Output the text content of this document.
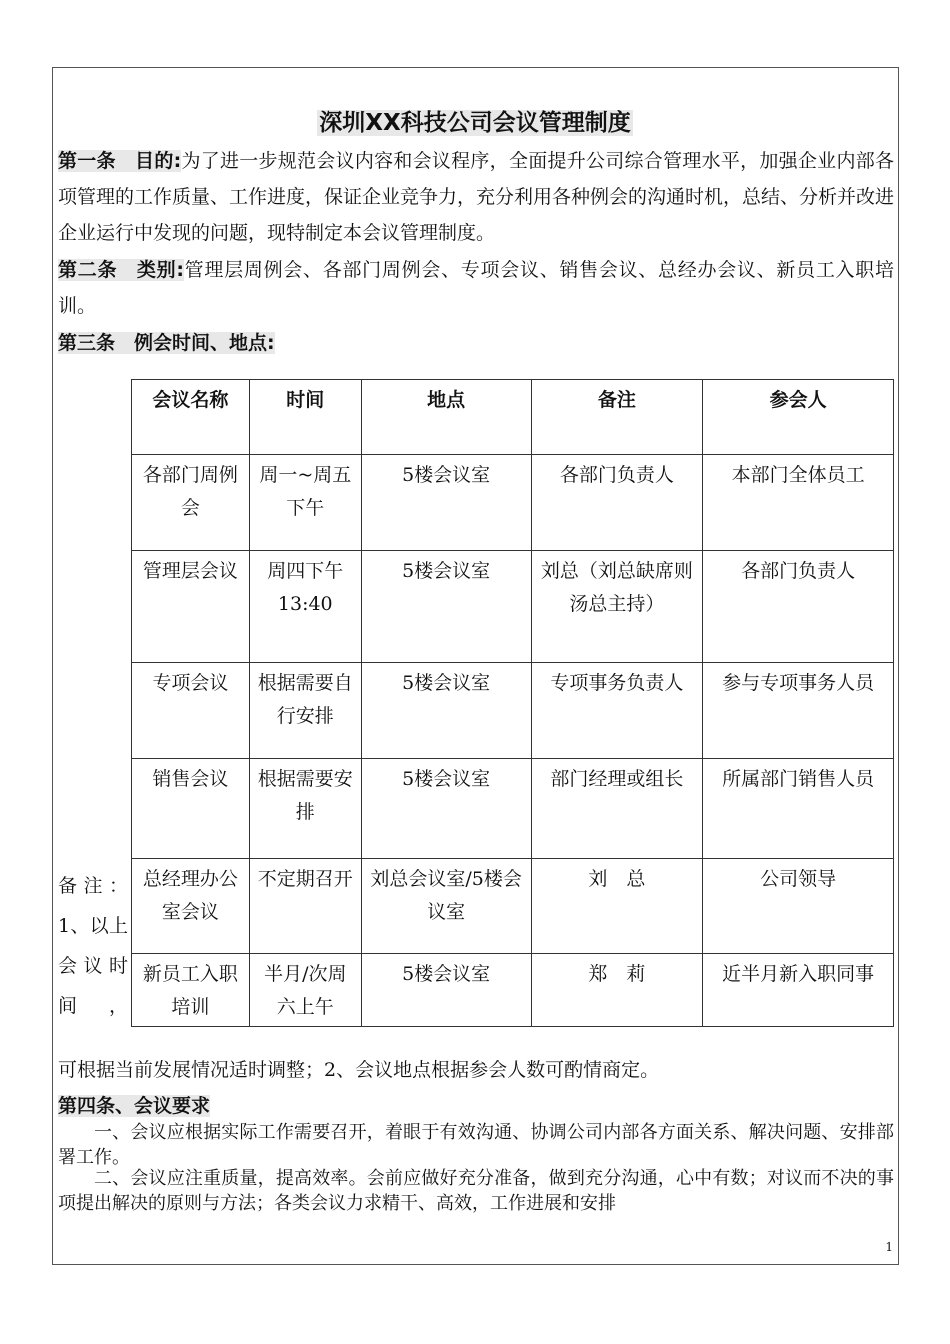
深圳XX科技公司会议管理制度
第一条　目的:为了进一步规范会议内容和会议程序，全面提升公司综合管理水平，加强企业内部各项管理的工作质量、工作进度，保证企业竞争力，充分利用各种例会的沟通时机，总结、分析并改进企业运行中发现的问题，现特制定本会议管理制度。
第二条　类别:管理层周例会、各部门周例会、专项会议、销售会议、总经办会议、新员工入职培训。
第三条　例会时间、地点:
会议名称	时间	地点	备注	参会人
各部门周例会	周一~周五下午	5楼会议室	各部门负责人	本部门全体员工
管理层会议	周四下午13:40	5楼会议室	刘总（刘总缺席则汤总主持）	各部门负责人
专项会议	根据需要自行安排	5楼会议室	专项事务负责人	参与专项事务人员
销售会议	根据需要安排	5楼会议室	部门经理或组长	所属部门销售人员
总经理办公室会议	不定期召开	刘总会议室/5楼会议室	刘　总	公司领导
新员工入职培训	半月/次周六上午	5楼会议室	郑　莉	近半月新入职同事
备注：1、以上会议时间，
可根据当前发展情况适时调整；2、会议地点根据参会人数可酌情商定。
第四条、会议要求
一、会议应根据实际工作需要召开，着眼于有效沟通、协调公司内部各方面关系、解决问题、安排部署工作。
二、会议应注重质量，提高效率。会前应做好充分准备，做到充分沟通，心中有数；对议而不决的事项提出解决的原则与方法；各类会议力求精干、高效，工作进展和安排
1
